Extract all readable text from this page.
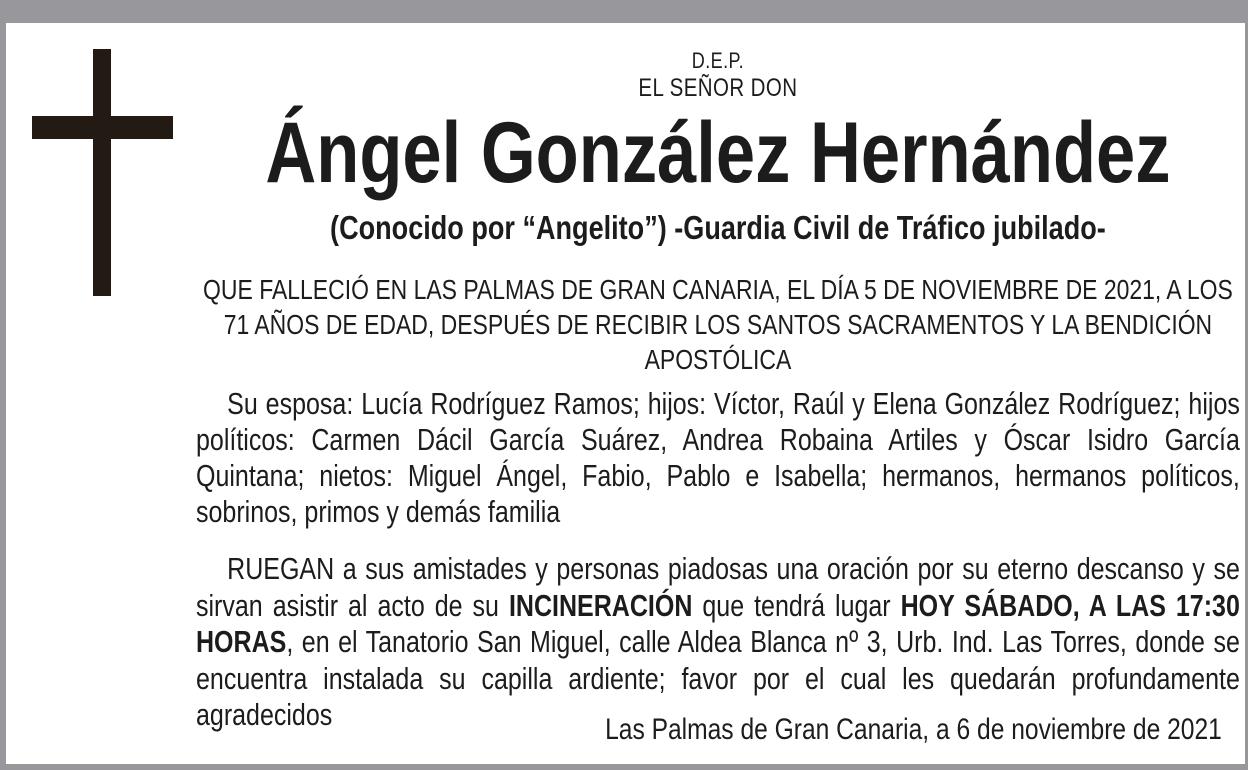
D.E.P.
EL SEÑOR DON
Ángel González Hernández
(Conocido por “Angelito”) -Guardia Civil de Tráfico jubilado-
QUE FALLECIÓ EN LAS PALMAS DE GRAN CANARIA, EL DÍA 5 DE NOVIEMBRE DE 2021, A LOS 71 AÑOS DE EDAD, DESPUÉS DE RECIBIR LOS SANTOS SACRAMENTOS Y LA BENDICIÓN APOSTÓLICA
Su esposa: Lucía Rodríguez Ramos; hijos: Víctor, Raúl y Elena González Rodríguez; hijos políticos: Carmen Dácil García Suárez, Andrea Robaina Artiles y Óscar Isidro García Quintana; nietos: Miguel Ángel, Fabio, Pablo e Isabella; hermanos, hermanos políticos, sobrinos, primos y demás familia
RUEGAN a sus amistades y personas piadosas una oración por su eterno descanso y se sirvan asistir al acto de su INCINERACIÓN que tendrá lugar HOY SÁBADO, A LAS 17:30 HORAS, en el Tanatorio San Miguel, calle Aldea Blanca nº 3, Urb. Ind. Las Torres, donde se encuentra instalada su capilla ardiente; favor por el cual les quedarán profundamente agradecidos	Las Palmas de Gran Canaria, a 6 de noviembre de 2021
